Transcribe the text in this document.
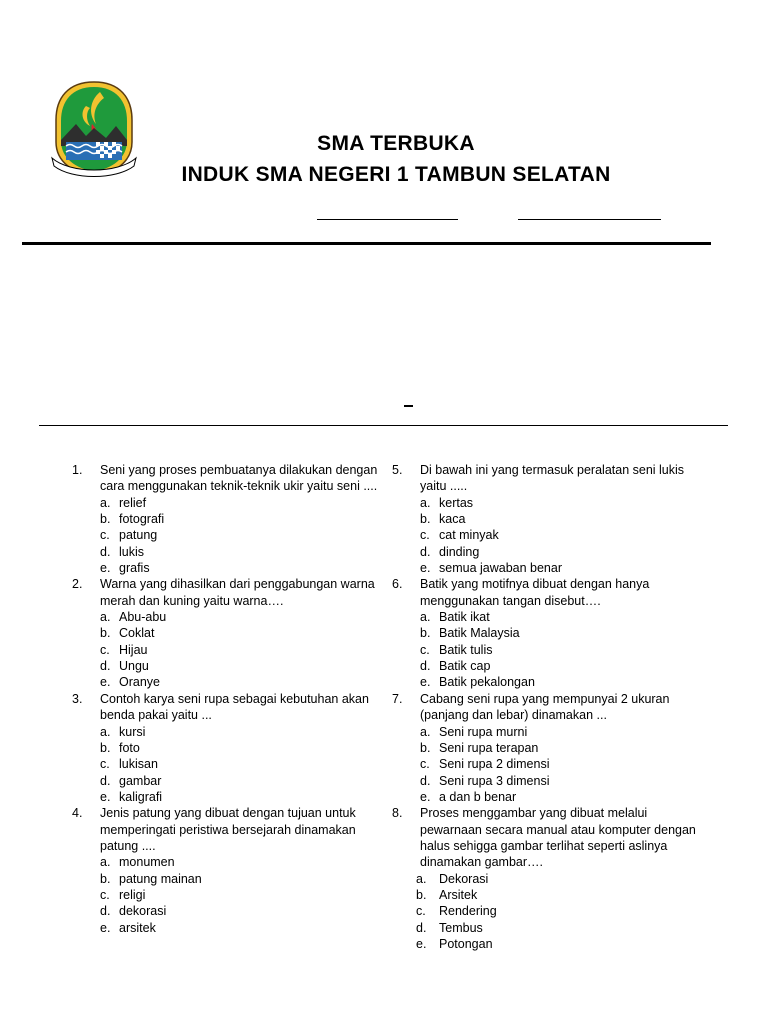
SMA TERBUKA
INDUK SMA NEGERI 1 TAMBUN SELATAN
1. Seni yang proses pembuatanya dilakukan dengan cara menggunakan teknik-teknik ukir yaitu seni ....
a. relief
b. fotografi
c. patung
d. lukis
e. grafis
2. Warna yang dihasilkan dari penggabungan warna merah dan kuning yaitu warna….
a. Abu-abu
b. Coklat
c. Hijau
d. Ungu
e. Oranye
3. Contoh karya seni rupa sebagai kebutuhan akan benda pakai yaitu ...
a. kursi
b. foto
c. lukisan
d. gambar
e. kaligrafi
4. Jenis patung yang dibuat dengan tujuan untuk memperingati peristiwa bersejarah dinamakan patung ....
a. monumen
b. patung mainan
c. religi
d. dekorasi
e. arsitek
5. Di bawah ini yang termasuk peralatan seni lukis yaitu .....
a. kertas
b. kaca
c. cat minyak
d. dinding
e. semua jawaban benar
6. Batik yang motifnya dibuat dengan hanya menggunakan tangan disebut….
a. Batik ikat
b. Batik Malaysia
c. Batik tulis
d. Batik cap
e. Batik pekalongan
7. Cabang seni rupa yang mempunyai 2 ukuran (panjang dan lebar) dinamakan ...
a. Seni rupa murni
b. Seni rupa terapan
c. Seni rupa 2 dimensi
d. Seni rupa 3 dimensi
e. a dan b benar
8. Proses menggambar yang dibuat melalui pewarnaan secara manual atau komputer dengan halus sehigga gambar terlihat seperti aslinya dinamakan gambar….
a. Dekorasi
b. Arsitek
c. Rendering
d. Tembus
e. Potongan
